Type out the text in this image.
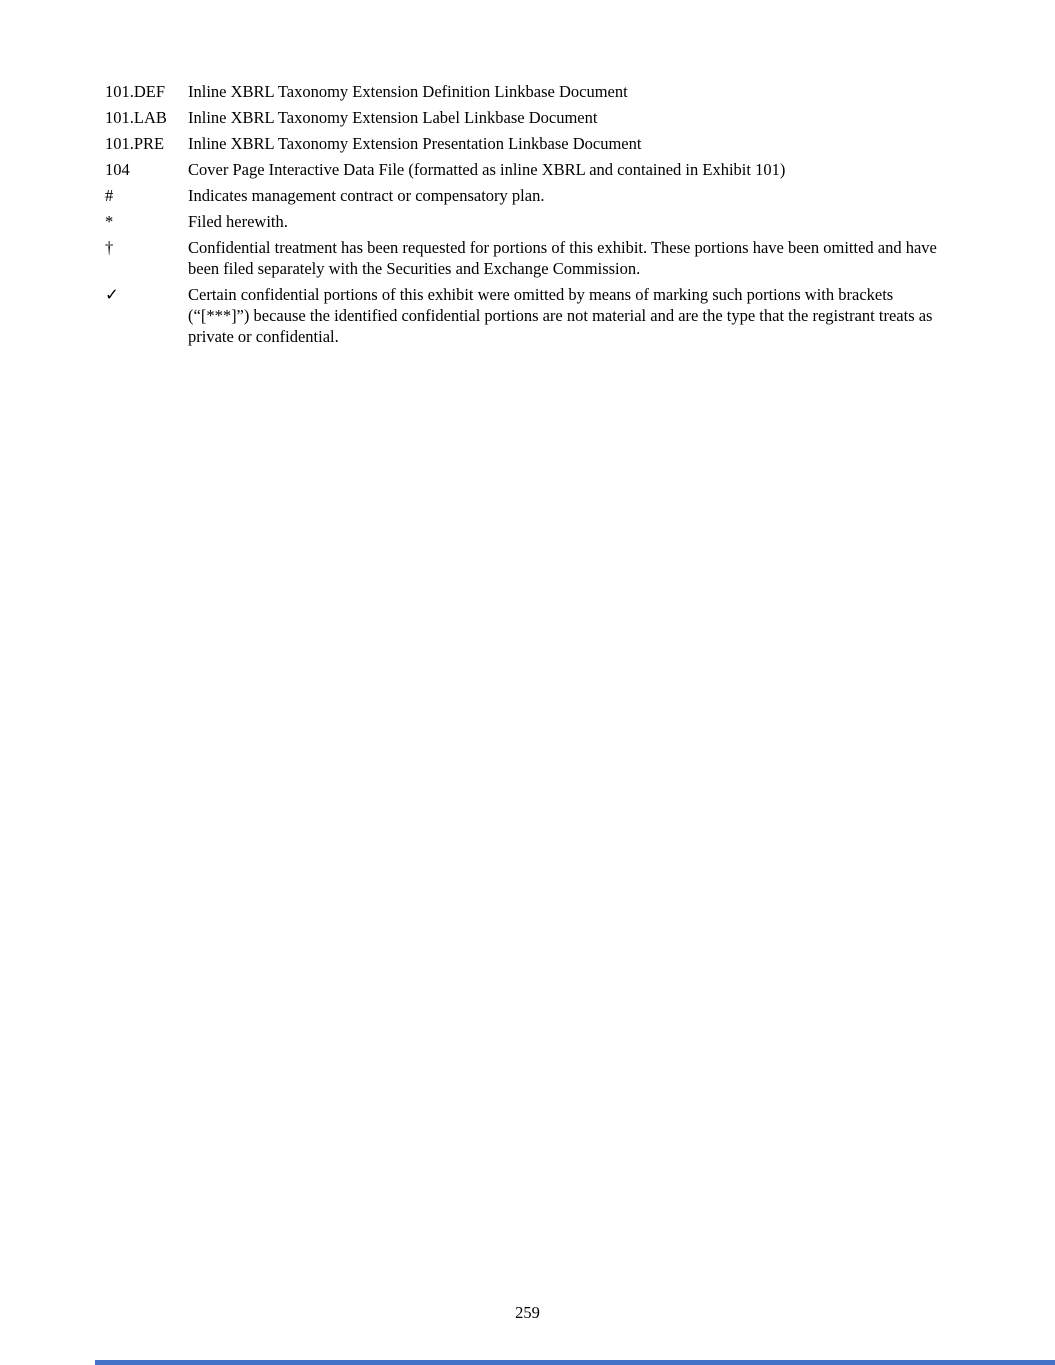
101.DEF	Inline XBRL Taxonomy Extension Definition Linkbase Document
101.LAB	Inline XBRL Taxonomy Extension Label Linkbase Document
101.PRE	Inline XBRL Taxonomy Extension Presentation Linkbase Document
104	Cover Page Interactive Data File (formatted as inline XBRL and contained in Exhibit 101)
#	Indicates management contract or compensatory plan.
*	Filed herewith.
†	Confidential treatment has been requested for portions of this exhibit. These portions have been omitted and have been filed separately with the Securities and Exchange Commission.
✓	Certain confidential portions of this exhibit were omitted by means of marking such portions with brackets (“[***]”) because the identified confidential portions are not material and are the type that the registrant treats as private or confidential.
259
